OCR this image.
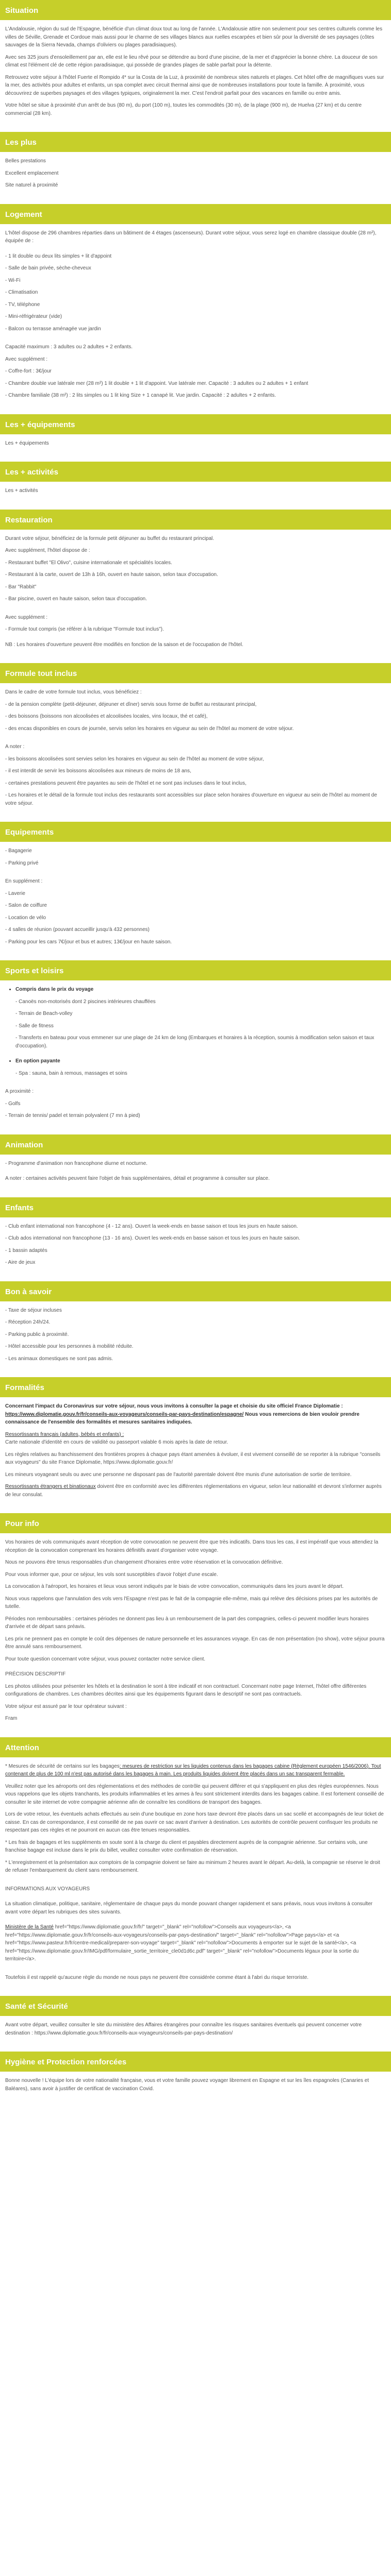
Situation

L'Andalousie, région du sud de l'Espagne, bénéficie d'un climat doux tout au long de l'année. L'Andalousie attire non seulement pour ses centres culturels comme les villes de Séville, Grenade et Cordoue mais aussi pour le charme de ses villages blancs aux ruelles escarpées et bien sûr pour la diversité de ses paysages (côtes sauvages de la Sierra Nevada, champs d'oliviers ou plages paradisiaques).

Avec ses 325 jours d'ensoleillement par an, elle est le lieu rêvé pour se détendre au bord d'une piscine, de la mer et d'apprécier la bonne chère. La douceur de son climat est l'élément clé de cette région paradisiaque, qui possède de grandes plages de sable parfait pour la détente.

Retrouvez votre séjour à l'hôtel Fuerte el Rompido 4* sur la Costa de la Luz, à proximité de nombreux sites naturels et plages. Cet hôtel offre de magnifiques vues sur la mer, des activités pour adultes et enfants, un spa complet avec circuit thermal ainsi que de nombreuses installations pour toute la famille. À proximité, vous découvrirez de superbes paysages et des villages typiques, originalement la mer. C'est l'endroit parfait pour des vacances en famille ou entre amis.

Votre hôtel se situe à proximité d'un arrêt de bus (80 m), du port (100 m), toutes les commodités (30 m), de la plage (900 m), de Huelva (27 km) et du centre commercial (28 km).

Les plus

Belles prestations

Excellent emplacement

Site naturel à proximité

Logement

L'hôtel dispose de 296 chambres réparties dans un bâtiment de 4 étages (ascenseurs). Durant votre séjour, vous serez logé en chambre classique double (28 m²), équipée de :

- 1 lit double ou deux lits simples + lit d'appoint

- Salle de bain privée, sèche-cheveux

- Wi-Fi

- Climatisation

- TV, téléphone

- Mini-réfrigérateur (vide)

- Balcon ou terrasse aménagée vue jardin

Capacité maximum : 3 adultes ou 2 adultes + 2 enfants.

Avec supplément :

- Coffre-fort : 3€/jour

- Chambre double vue latérale mer (28 m²) 1 lit double + 1 lit d'appoint. Vue latérale mer. Capacité : 3 adultes ou 2 adultes + 1 enfant

- Chambre familiale (38 m²) : 2 lits simples ou 1 lit king Size + 1 canapé lit. Vue jardin. Capacité : 2 adultes + 2 enfants.

Les + équipements

Les + équipements

Les + activités

Les + activités

Restauration

Durant votre séjour, bénéficiez de la formule petit déjeuner au buffet du restaurant principal.

Avec supplément, l'hôtel dispose de :

- Restaurant buffet "El Olivo", cuisine internationale et spécialités locales.

- Restaurant à la carte, ouvert de 13h à 16h, ouvert en haute saison, selon taux d'occupation.

- Bar "Rabbit"

- Bar piscine, ouvert en haute saison, selon taux d'occupation.

Avec supplément :

- Formule tout compris (se référer à la rubrique "Formule tout inclus").

NB : Les horaires d'ouverture peuvent être modifiés en fonction de la saison et de l'occupation de l'hôtel.

Formule tout inclus

Dans le cadre de votre formule tout inclus, vous bénéficiez :

- de la pension complète (petit-déjeuner, déjeuner et dîner) servis sous forme de buffet au restaurant principal,

- des boissons (boissons non alcoolisées et alcoolisées locales, vins locaux, thé et café),

- des encas disponibles en cours de journée, servis selon les horaires en vigueur au sein de l'hôtel au moment de votre séjour.

A noter :

- les boissons alcoolisées sont servies selon les horaires en vigueur au sein de l'hôtel au moment de votre séjour,

- il est interdit de servir les boissons alcoolisées aux mineurs de moins de 18 ans,

- certaines prestations peuvent être payantes au sein de l'hôtel et ne sont pas incluses dans le tout inclus,

- Les horaires et le détail de la formule tout inclus des restaurants sont accessibles sur place selon horaires d'ouverture en vigueur au sein de l'hôtel au moment de votre séjour.

Equipements

- Bagagerie

- Parking privé

En supplément :

- Laverie

- Salon de coiffure

- Location de vélo

- 4 salles de réunion (pouvant accueillir jusqu'à 432 personnes)

- Parking pour les cars 7€/jour et bus et autres; 13€/jour en haute saison.

Sports et loisirs
• Compris dans le prix du voyage

- Canoës non-motorisés dont 2 piscines intérieures chauffées

- Terrain de Beach-volley

- Salle de fitness

- Transferts en bateau pour vous emmener sur une plage de 24 km de long (Embarques et horaires à la réception, soumis à modification selon saison et taux d'occupation).

• En option payante

- Spa : sauna, bain à remous, massages et soins

A proximité :

- Golfs

- Terrain de tennis/ padel et terrain polyvalent (7 mn à pied)

Animation

- Programme d'animation non francophone diurne et nocturne.

A noter : certaines activités peuvent faire l'objet de frais supplémentaires, détail et programme à consulter sur place.

Enfants

- Club enfant international non francophone (4 - 12 ans). Ouvert la week-ends en basse saison et tous les jours en haute saison.

- Club ados international non francophone (13 - 16 ans). Ouvert les week-ends en basse saison et tous les jours en haute saison.

- 1 bassin adaptés

- Aire de jeux

Bon à savoir

- Taxe de séjour incluses

- Réception 24h/24.

- Parking public à proximité.

- Hôtel accessible pour les personnes à mobilité réduite.

- Les animaux domestiques ne sont pas admis.

Formalités

Concernant l'impact du Coronavirus sur votre séjour, nous vous invitons à consulter la page et choisie du site officiel France Diplomatie : https://www.diplomatie.gouv.fr/fr/conseils-aux-voyageurs/conseils-par-pays-destination/espagne/ Nous vous remercions de bien vouloir prendre connaissance de l'ensemble des formalités et mesures sanitaires indiquées.

Ressortissants français (adultes, bébés et enfants) :
Carte nationale d'identité en cours de validité ou passeport valable 6 mois après la date de retour.

Les règles relatives au franchissement des frontières propres à chaque pays étant amenées à évoluer, il est vivement conseillé de se reporter à la rubrique "conseils aux voyageurs" du site France Diplomatie, https://www.diplomatie.gouv.fr/

Les mineurs voyageant seuls ou avec une personne ne disposant pas de l'autorité parentale doivent être munis d'une autorisation de sortie de territoire.

Ressortissants étrangers et binationaux doivent être en conformité avec les différentes réglementations en vigueur, selon leur nationalité et devront s'informer auprès de leur consulat.

Pour info

Vos horaires de vols communiqués avant réception de votre convocation ne peuvent être que très indicatifs. Dans tous les cas, il est impératif que vous attendiez la réception de la convocation comprenant les horaires définitifs avant d'organiser votre voyage.

Nous ne pouvons être tenus responsables d'un changement d'horaires entre votre réservation et la convocation définitive.

Pour vous informer que, pour ce séjour, les vols sont susceptibles d'avoir l'objet d'une escale.

La convocation à l'aéroport, les horaires et lieux vous seront indiqués par le biais de votre convocation, communiqués dans les jours avant le départ.

Nous vous rappelons que l'annulation des vols vers l'Espagne n'est pas le fait de la compagnie elle-même, mais qui relève des décisions prises par les autorités de tutelle.

Périodes non remboursables : certaines périodes ne donnent pas lieu à un remboursement de la part des compagnies, celles-ci peuvent modifier leurs horaires d'arrivée et de départ sans préavis.

Les prix ne prennent pas en compte le coût des dépenses de nature personnelle et les assurances voyage. En cas de non présentation (no show), votre séjour pourra être annulé sans remboursement.

Pour toute question concernant votre séjour, vous pouvez contacter notre service client.

PRÉCISION DESCRIPTIF

Les photos utilisées pour présenter les hôtels et la destination le sont à titre indicatif et non contractuel. Concernant notre page Internet, l'hôtel offre différentes configurations de chambres. Les chambres décrites ainsi que les équipements figurant dans le descriptif ne sont pas contractuels.

Votre séjour est assuré par le tour opérateur suivant :

Fram

Attention

* Mesures de sécurité de certains sur les bagages: mesures de restriction sur les liquides contenus dans les bagages cabine (Règlement européen 1546/2006). Tout contenant de plus de 100 ml n'est pas autorisé dans les bagages à main. Les produits liquides doivent être placés dans un sac transparent fermable.

Veuillez noter que les aéroports ont des réglementations et des méthodes de contrôle qui peuvent différer et qui s'appliquent en plus des règles européennes. Nous vous rappelons que les objets tranchants, les produits inflammables et les armes à feu sont strictement interdits dans les bagages cabine. Il est fortement conseillé de consulter le site internet de votre compagnie aérienne afin de connaître les conditions de transport des bagages.

Lors de votre retour, les éventuels achats effectués au sein d'une boutique en zone hors taxe devront être placés dans un sac scellé et accompagnés de leur ticket de caisse. En cas de correspondance, il est conseillé de ne pas ouvrir ce sac avant d'arriver à destination. Les autorités de contrôle peuvent confisquer les produits ne respectant pas ces règles et ne pourront en aucun cas être tenues responsables.

* Les frais de bagages et les suppléments en soute sont à la charge du client et payables directement auprès de la compagnie aérienne. Sur certains vols, une franchise bagage est incluse dans le prix du billet, veuillez consulter votre confirmation de réservation.

* L'enregistrement et la présentation aux comptoirs de la compagnie doivent se faire au minimum 2 heures avant le départ. Au-delà, la compagnie se réserve le droit de refuser l'embarquement du client sans remboursement.

INFORMATIONS AUX VOYAGEURS

La situation climatique, politique, sanitaire, réglementaire de chaque pays du monde pouvant changer rapidement et sans préavis, nous vous invitons à consulter avant votre départ les rubriques des sites suivants.

Ministère de la Santé href="https://www.diplomatie.gouv.fr/fr/" target="_blank" rel="nofollow">Conseils aux voyageurs</a>, <a href="https://www.diplomatie.gouv.fr/fr/conseils-aux-voyageurs/conseils-par-pays-destination/" target="_blank" rel="nofollow">Page pays</a> et <a href="https://www.pasteur.fr/fr/centre-medical/preparer-son-voyage" target="_blank" rel="nofollow">Documents à emporter sur le sujet de la santé</a>, <a href="https://www.diplomatie.gouv.fr/IMG/pdf/formulaire_sortie_territoire_cle0d1d6c.pdf" target="_blank" rel="nofollow">Documents légaux pour la sortie du territoire</a>.

Toutefois il est rappelé qu'aucune règle du monde ne nous pays ne peuvent être considérée comme étant à l'abri du risque terroriste.

Santé et Sécurité

Avant votre départ, veuillez consulter le site du ministère des Affaires étrangères pour connaître les risques sanitaires éventuels qui peuvent concerner votre destination : https://www.diplomatie.gouv.fr/fr/conseils-aux-voyageurs/conseils-par-pays-destination/

Hygiène et Protection renforcées

Bonne nouvelle ! L'équipe lors de votre nationalité française, vous et votre famille pouvez voyager librement en Espagne et sur les îles espagnoles (Canaries et Baléares), sans avoir à justifier de certificat de vaccination Covid.
